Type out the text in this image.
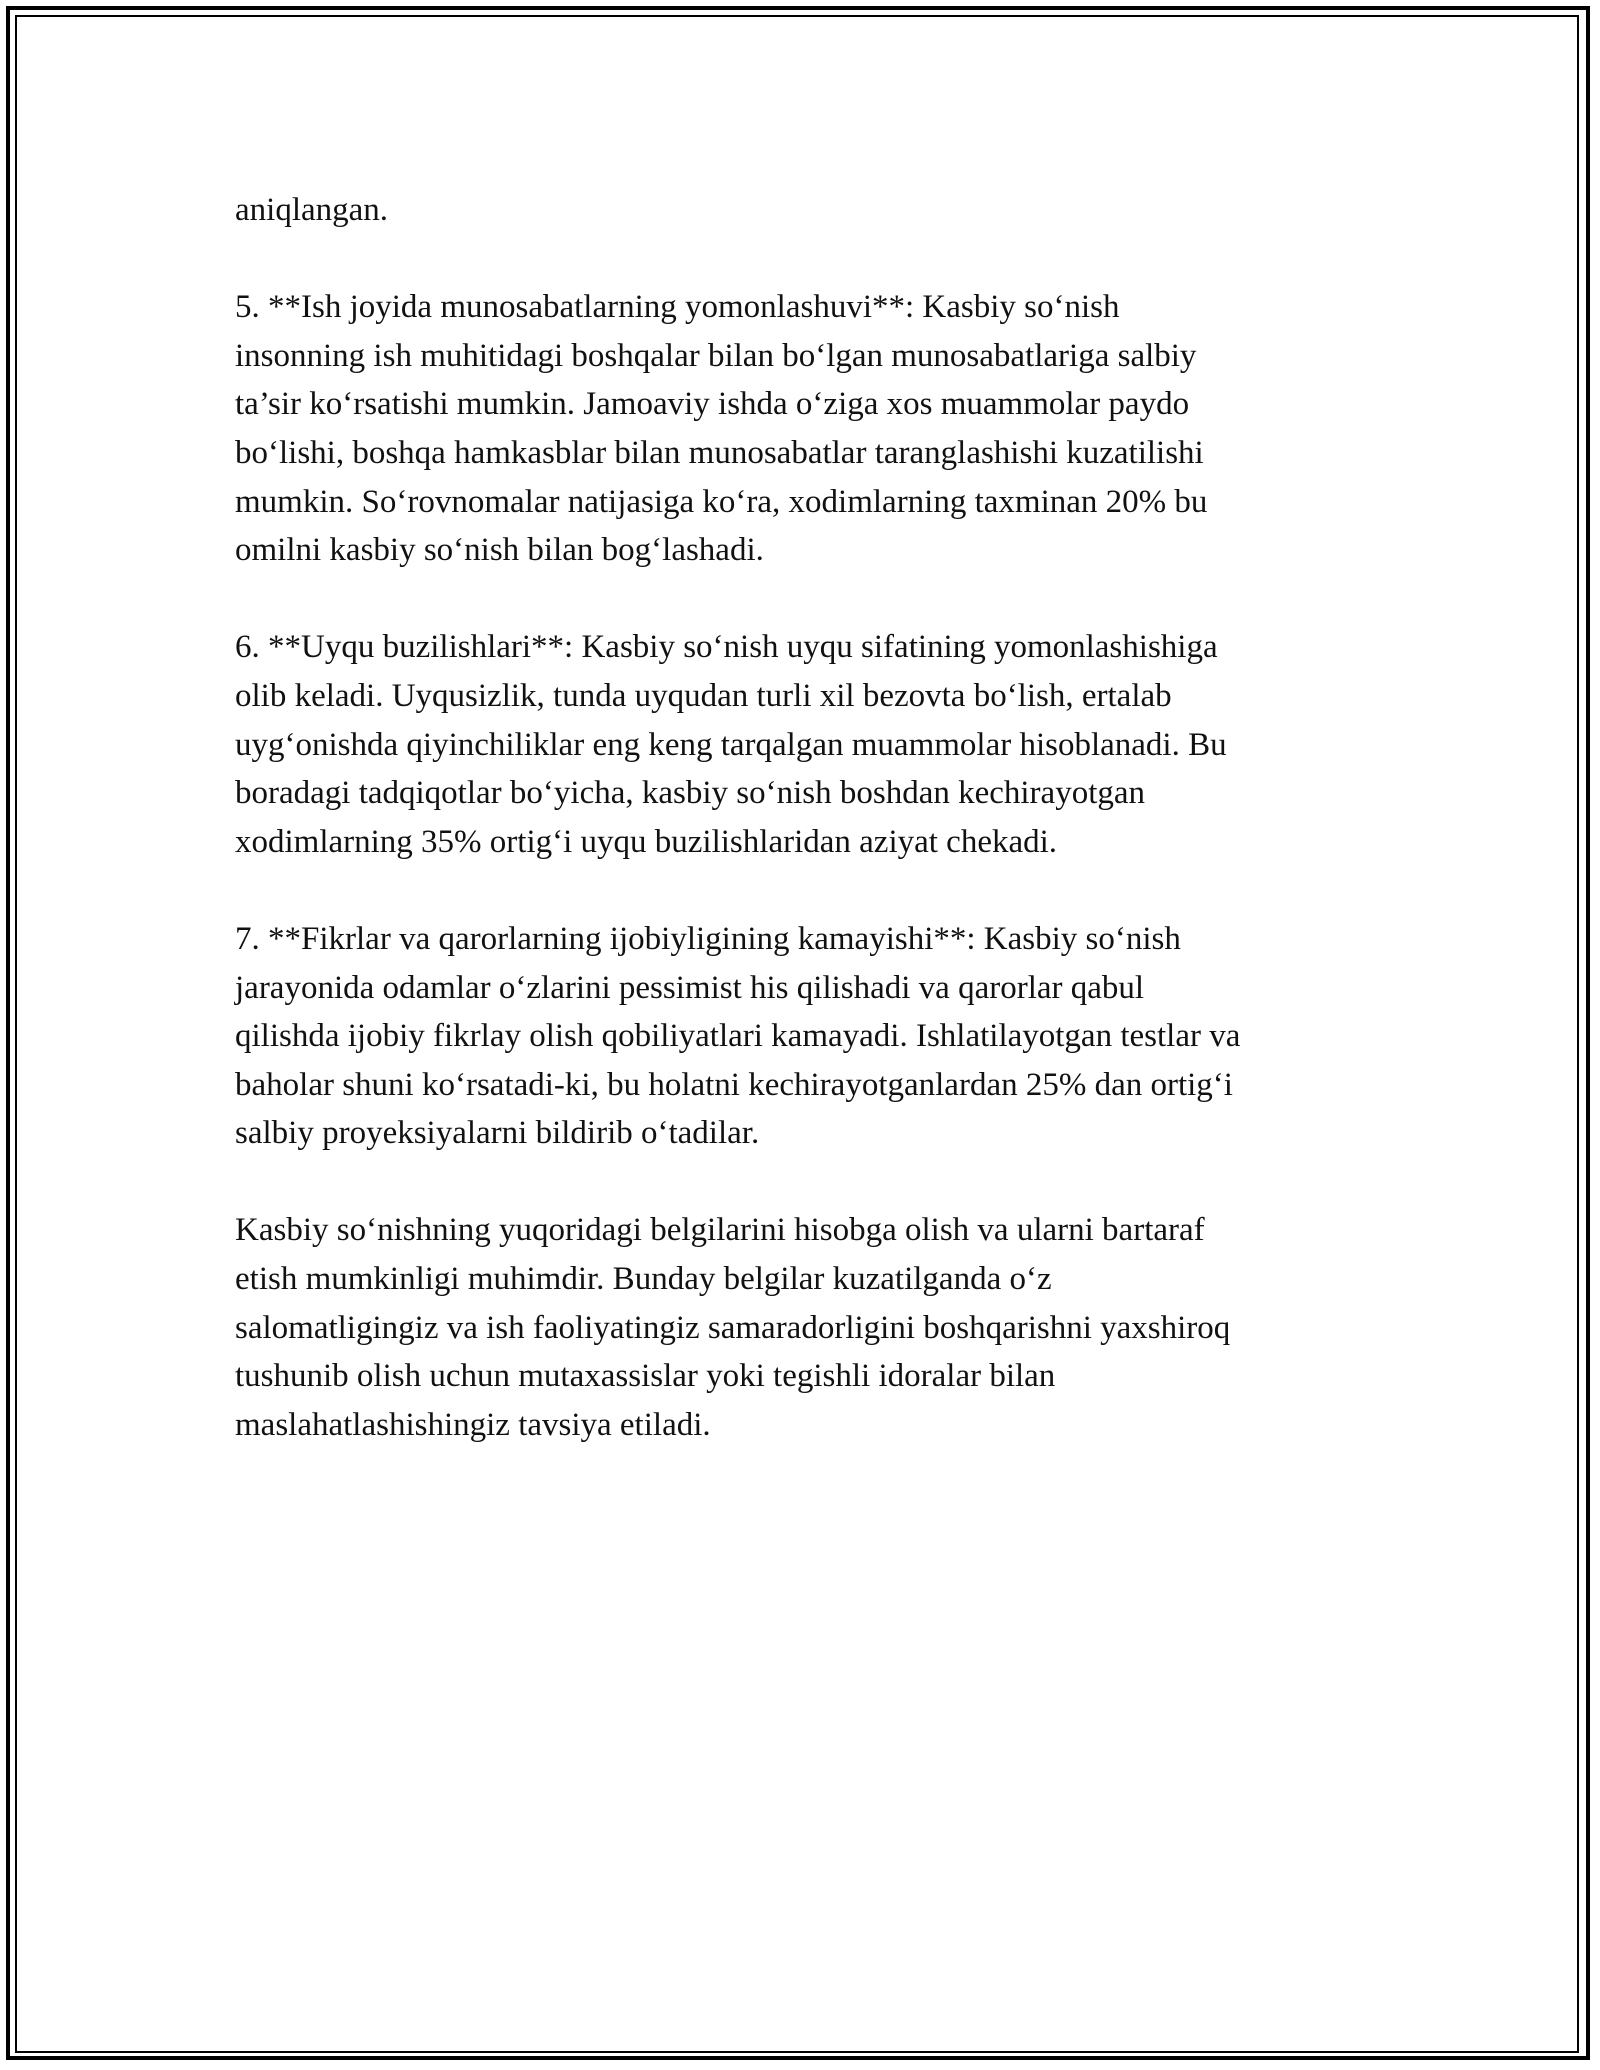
aniqlangan.

5. **Ish joyida munosabatlarning yomonlashuvi**: Kasbiy so‘nish
insonning ish muhitidagi boshqalar bilan bo‘lgan munosabatlariga salbiy
ta’sir ko‘rsatishi mumkin. Jamoaviy ishda o‘ziga xos muammolar paydo
bo‘lishi, boshqa hamkasblar bilan munosabatlar taranglashishi kuzatilishi
mumkin. So‘rovnomalar natijasiga ko‘ra, xodimlarning taxminan 20% bu
omilni kasbiy so‘nish bilan bog‘lashadi.

6. **Uyqu buzilishlari**: Kasbiy so‘nish uyqu sifatining yomonlashishiga
olib keladi. Uyqusizlik, tunda uyqudan turli xil bezovta bo‘lish, ertalab
uyg‘onishda qiyinchiliklar eng keng tarqalgan muammolar hisoblanadi. Bu
boradagi tadqiqotlar bo‘yicha, kasbiy so‘nish boshdan kechirayotgan
xodimlarning 35% ortig‘i uyqu buzilishlaridan aziyat chekadi.

7. **Fikrlar va qarorlarning ijobiyligining kamayishi**: Kasbiy so‘nish
jarayonida odamlar o‘zlarini pessimist his qilishadi va qarorlar qabul
qilishda ijobiy fikrlay olish qobiliyatlari kamayadi. Ishlatilayotgan testlar va
baholar shuni ko‘rsatadi-ki, bu holatni kechirayotganlardan 25% dan ortig‘i
salbiy proyeksiyalarni bildirib o‘tadilar.

Kasbiy so‘nishning yuqoridagi belgilarini hisobga olish va ularni bartaraf
etish mumkinligi muhimdir. Bunday belgilar kuzatilganda o‘z
salomatligingiz va ish faoliyatingiz samaradorligini boshqarishni yaxshiroq
tushunib olish uchun mutaxassislar yoki tegishli idoralar bilan
maslahatlashishingiz tavsiya etiladi.
